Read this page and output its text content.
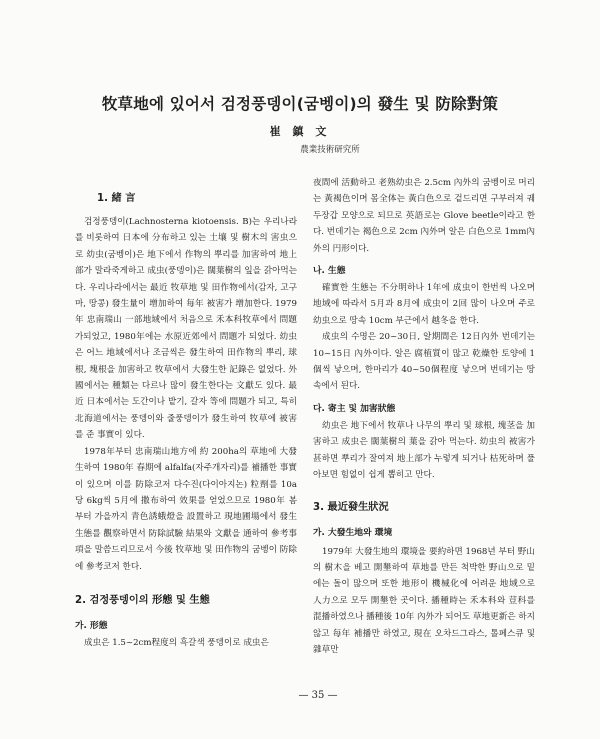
牧草地에 있어서 검정풍뎅이(굼벵이)의 發生 및 防除對策
崔 鎮 文
農業技術研究所
1. 緒 言

검정풍뎅이(Lachnosterna kiotoensis. B)는 우리나라를 비롯하여 日本에 分布하고 있는 土壤 및 樹木의 害虫으로 幼虫(굼벵이)은 地下에서 作物의 뿌리를 加害하여 地上部가 말라죽게하고 成虫(풍뎅이)은 闊葉樹의 잎을 갉아먹는다. 우리나라에서는 最近 牧草地 및 田作物에서(감자, 고구마, 땅콩) 發生量이 增加하여 每年 被害가 增加한다. 1979年 忠南瑞山 一部地域에서 처음으로 禾本科牧草에서 問題가되었고, 1980年에는 水原近郊에서 問題가 되었다. 幼虫은 어느 地域에서나 조금씩은 發生하여 田作物의 뿌리, 球根, 塊根을 加害하고 牧草에서 大發生한 記錄은 없었다. 外國에서는 種類는 다르나 많이 發生한다는 文獻도 있다. 最近 日本에서는 도간이나 밭기, 갈자 等에 問題가 되고, 특히 北海道에서는 풍뎅이와 줄풍뎅이가 發生하여 牧草에 被害를 준 事實이 있다.

1978年부터 忠南瑞山地方에 約 200ha의 草地에 大發生하여 1980年 春期에 alfalfa(자주개자리)를 補播한 事實이 있으며 이를 防除코저 다수진(다이아지논) 粒劑를 10a당 6kg씩 5月에 撒布하여 效果를 얻었으므로 1980年 봄부터 가을까지 青色誘蛾燈을 設置하고 現地圃場에서 發生生態를 觀察하면서 防除試驗 結果와 文獻을 通하여 參考事項을 말씀드리므로서 今後 牧草地 및 田作物의 굼벵이 防除에 參考코저 한다.

2. 검정풍뎅이의 形態 및 生態
가. 形態

成虫은 1.5~2cm程度의 흑갈색 풍뎅이로 成虫은

夜間에 活動하고 老熟幼虫은 2.5cm 內外의 굼벵이로 머리는 黃褐色이며 몸全体는 黃白色으로 겉드리면 구부러져 궤두장갑 모양으로 되므로 英語로는 Glove beetle이라고 한다. 번데기는 褐色으로 2cm 內外며 알은 白色으로 1mm內外의 円形이다.

나. 生態

確實한 生態는 不分明하나 1年에 成虫이 한번씩 나오며 地域에 따라서 5月과 8月에 成虫이 2回 많이 나오며 주로 幼虫으로 땅속 10cm 부근에서 越冬을 한다.

成虫의 수명은 20~30日, 알期間은 12日內外 번데기는 10~15日 內外이다. 알은 腐植質이 많고 乾燥한 토양에 1個씩 낳으며, 한마리가 40~50個程度 낳으며 번데기는 땅속에서 된다.

다. 寄主 및 加害狀態

幼虫은 地下에서 牧草나 나무의 뿌리 및 球根, 塊茎을 加害하고 成虫은 闊葉樹의 葉을 갉아 먹는다. 幼虫의 被害가 甚하면 뿌리가 잘여져 地上部가 누렇게 되거나 枯死하며 풀아보면 힘없이 쉽게 뽑히고 만다.

3. 最近發生狀況
가. 大發生地와 環境

1979年 大發生地의 環境을 要約하면 1968년 부터 野山의 樹木을 베고 開墾하여 草地를 만든 척박한 野山으로 밑에는 돌이 많으며 또한 地形이 機械化에 어려운 地域으로 人力으로 모두 開墾한 곳이다. 播種時는 禾本科와 荳科를 混播하였으나 播種後 10年 內外가 되어도 草地更新은 하지 않고 每年 補播만 하였고, 現在 오차드그라스, 톨페스큐 및 雜草만

— 35 —
